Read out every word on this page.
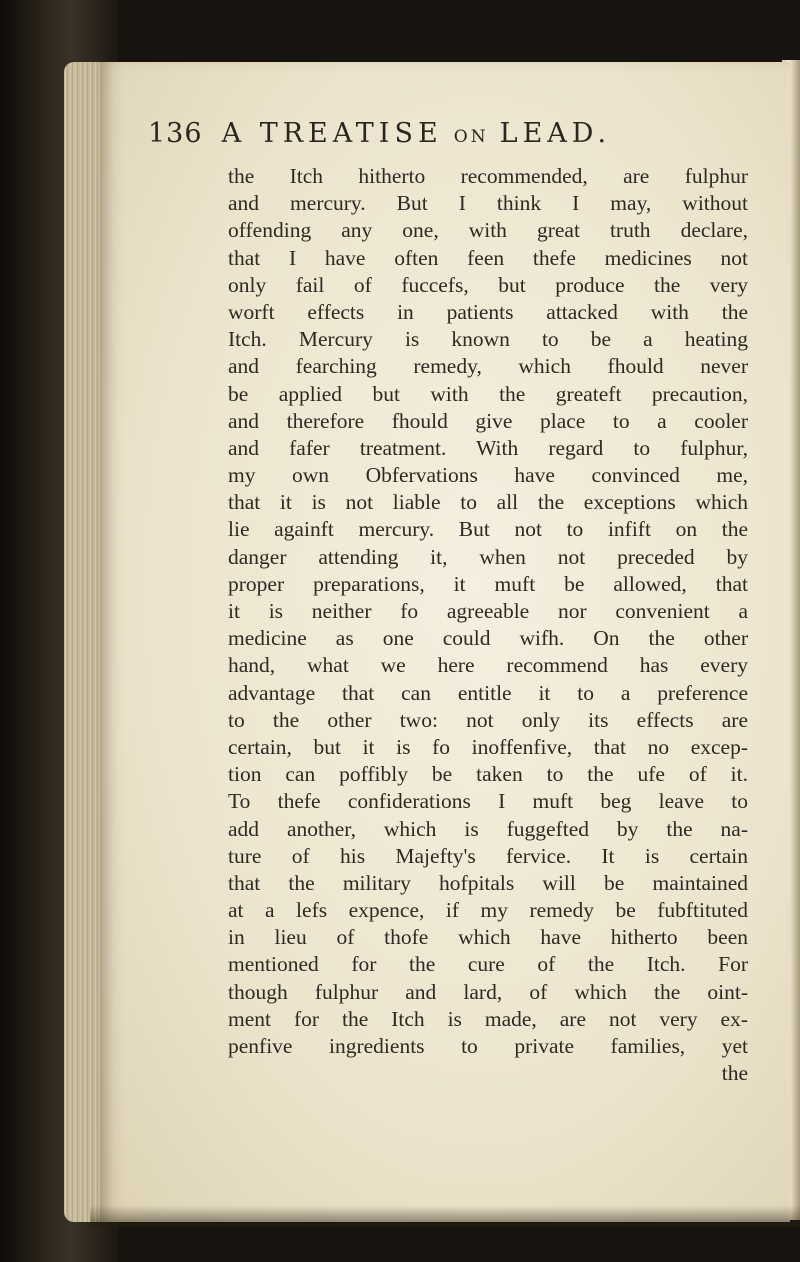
136 A TREATISE ON LEAD.
the Itch hitherto recommended, are fulphur
and mercury. But I think I may, without
offending any one, with great truth declare,
that I have often feen thefe medicines not
only fail of fuccefs, but produce the very
worft effects in patients attacked with the
Itch. Mercury is known to be a heating
and fearching remedy, which fhould never
be applied but with the greateft precaution,
and therefore fhould give place to a cooler
and fafer treatment. With regard to fulphur,
my own Obfervations have convinced me,
that it is not liable to all the exceptions which
lie againft mercury. But not to infift on the
danger attending it, when not preceded by
proper preparations, it muft be allowed, that
it is neither fo agreeable nor convenient a
medicine as one could wifh. On the other
hand, what we here recommend has every
advantage that can entitle it to a preference
to the other two: not only its effects are
certain, but it is fo inoffenfive, that no excep-
tion can poffibly be taken to the ufe of it.
To thefe confiderations I muft beg leave to
add another, which is fuggefted by the na-
ture of his Majefty's fervice. It is certain
that the military hofpitals will be maintained
at a lefs expence, if my remedy be fubftituted
in lieu of thofe which have hitherto been
mentioned for the cure of the Itch. For
though fulphur and lard, of which the oint-
ment for the Itch is made, are not very ex-
penfive ingredients to private families, yet
the
